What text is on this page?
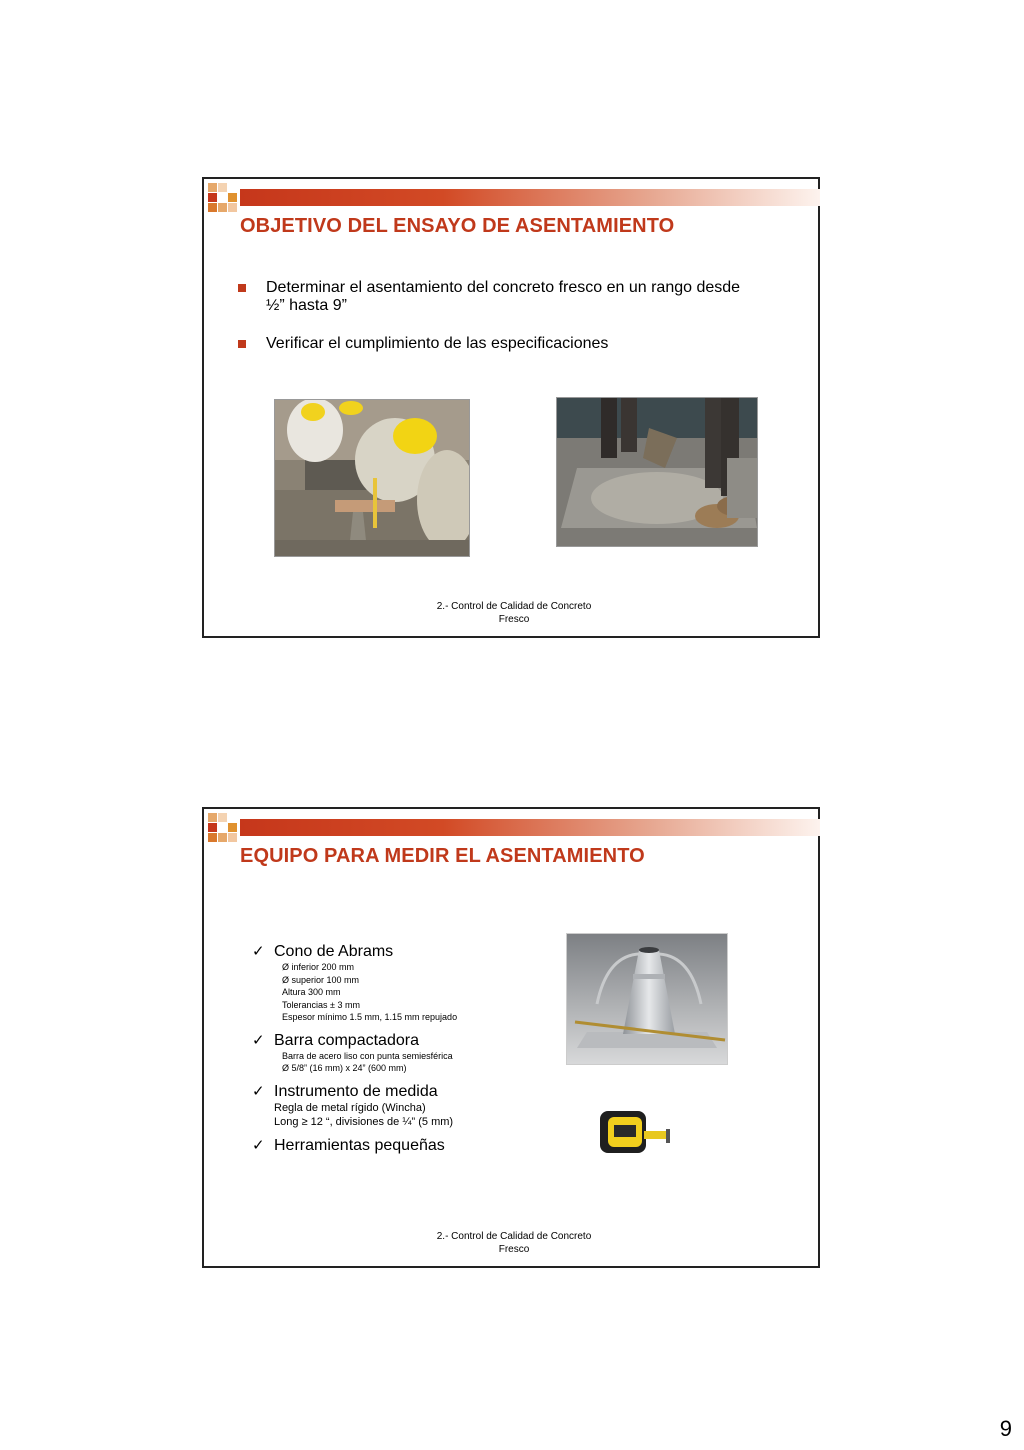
OBJETIVO DEL ENSAYO DE ASENTAMIENTO
Determinar el asentamiento del concreto fresco en un rango desde
½” hasta 9”
Verificar el cumplimiento de las especificaciones
2.- Control de Calidad de Concreto
Fresco
EQUIPO PARA MEDIR EL ASENTAMIENTO
✓ Cono de Abrams
Ø inferior 200 mm
Ø superior 100 mm
Altura 300 mm
Tolerancias ± 3 mm
Espesor mínimo 1.5 mm, 1.15 mm repujado
✓ Barra compactadora
Barra de acero liso con punta semiesférica
Ø 5/8” (16 mm) x 24” (600 mm)
✓ Instrumento de medida
Regla de metal rígido (Wincha)
Long ≥ 12 “, divisiones de ¼” (5 mm)
✓ Herramientas pequeñas
2.- Control de Calidad de Concreto
Fresco
9
